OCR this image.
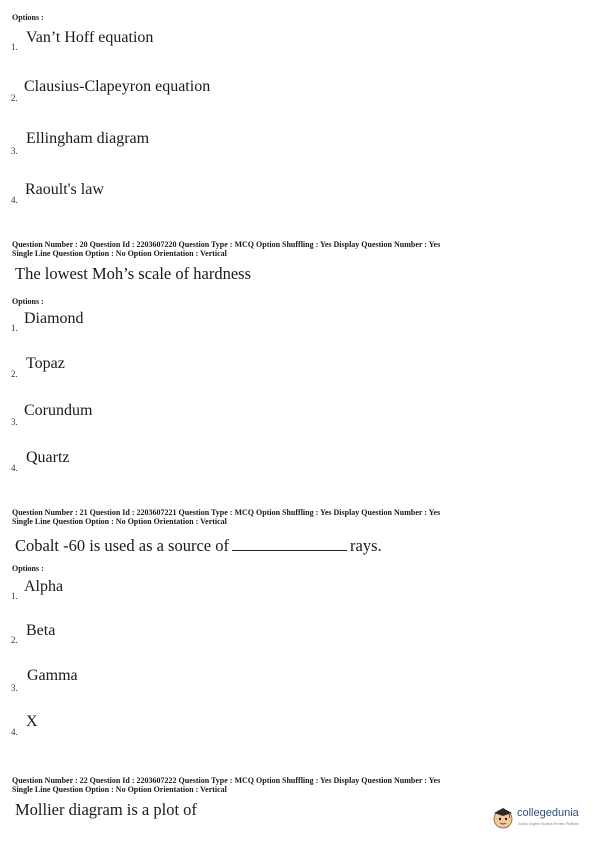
Options :
1.
Van’t Hoff equation
2.
Clausius-Clapeyron equation
3.
Ellingham diagram
4.
Raoult's law
Question Number : 20 Question Id : 2203607220 Question Type : MCQ Option Shuffling : Yes Display Question Number : Yes
Single Line Question Option : No Option Orientation : Vertical
The lowest Moh’s scale of hardness
Options :
1.
Diamond
2.
Topaz
3.
Corundum
4.
Quartz
Question Number : 21 Question Id : 2203607221 Question Type : MCQ Option Shuffling : Yes Display Question Number : Yes
Single Line Question Option : No Option Orientation : Vertical
Cobalt -60 is used as a source of	rays.
Options :
1.
Alpha
2.
Beta
3.
Gamma
4.
X
Question Number : 22 Question Id : 2203607222 Question Type : MCQ Option Shuffling : Yes Display Question Number : Yes
Single Line Question Option : No Option Orientation : Vertical
Mollier diagram is a plot of	collegedunia
India's largest Student Review Platform
